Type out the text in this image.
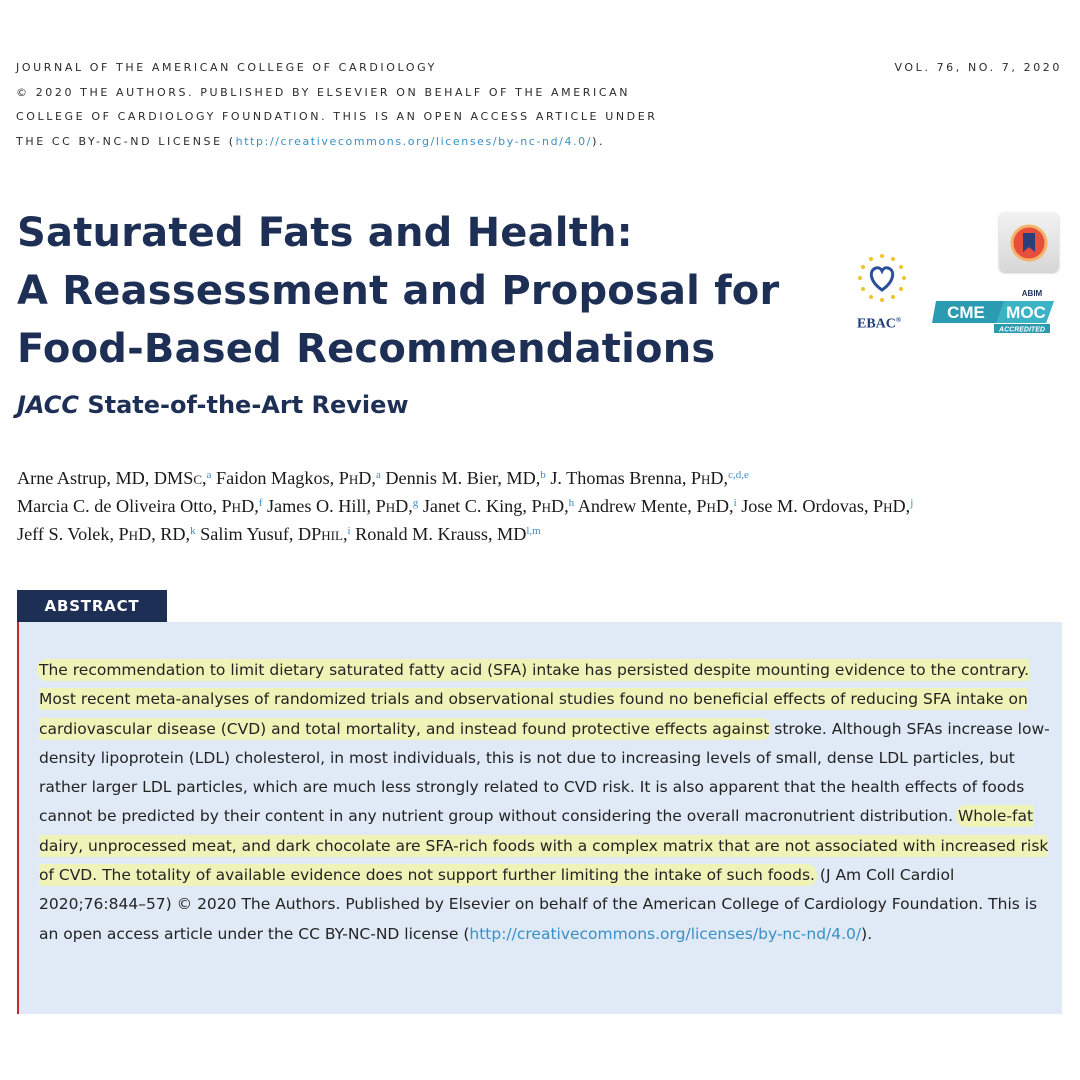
JOURNAL OF THE AMERICAN COLLEGE OF CARDIOLOGY
© 2020 THE AUTHORS. PUBLISHED BY ELSEVIER ON BEHALF OF THE AMERICAN
COLLEGE OF CARDIOLOGY FOUNDATION. THIS IS AN OPEN ACCESS ARTICLE UNDER
THE CC BY-NC-ND LICENSE (http://creativecommons.org/licenses/by-nc-nd/4.0/).
VOL. 76, NO. 7, 2020
Saturated Fats and Health:
A Reassessment and Proposal for
Food-Based Recommendations
JACC State-of-the-Art Review
EBAC®
ABIM
CME MOC
ACCREDITED
Arne Astrup, MD, DMSc,$^a$ Faidon Magkos, PhD,$^a$ Dennis M. Bier, MD,$^b$ J. Thomas Brenna, PhD,$^{c,d,e}$
Marcia C. de Oliveira Otto, PhD,$^f$ James O. Hill, PhD,$^g$ Janet C. King, PhD,$^h$ Andrew Mente, PhD,$^i$ Jose M. Ordovas, PhD,$^j$
Jeff S. Volek, PhD, RD,$^k$ Salim Yusuf, DPhil,$^i$ Ronald M. Krauss, MD$^{l,m}$
ABSTRACT
The recommendation to limit dietary saturated fatty acid (SFA) intake has persisted despite mounting evidence to the contrary. Most recent meta-analyses of randomized trials and observational studies found no beneficial effects of reducing SFA intake on cardiovascular disease (CVD) and total mortality, and instead found protective effects against stroke. Although SFAs increase low-density lipoprotein (LDL) cholesterol, in most individuals, this is not due to increasing levels of small, dense LDL particles, but rather larger LDL particles, which are much less strongly related to CVD risk. It is also apparent that the health effects of foods cannot be predicted by their content in any nutrient group without considering the overall macronutrient distribution. Whole-fat dairy, unprocessed meat, and dark chocolate are SFA-rich foods with a complex matrix that are not associated with increased risk of CVD. The totality of available evidence does not support further limiting the intake of such foods. (J Am Coll Cardiol 2020;76:844–57) © 2020 The Authors. Published by Elsevier on behalf of the American College of Cardiology Foundation. This is an open access article under the CC BY-NC-ND license (http://creativecommons.org/licenses/by-nc-nd/4.0/).
